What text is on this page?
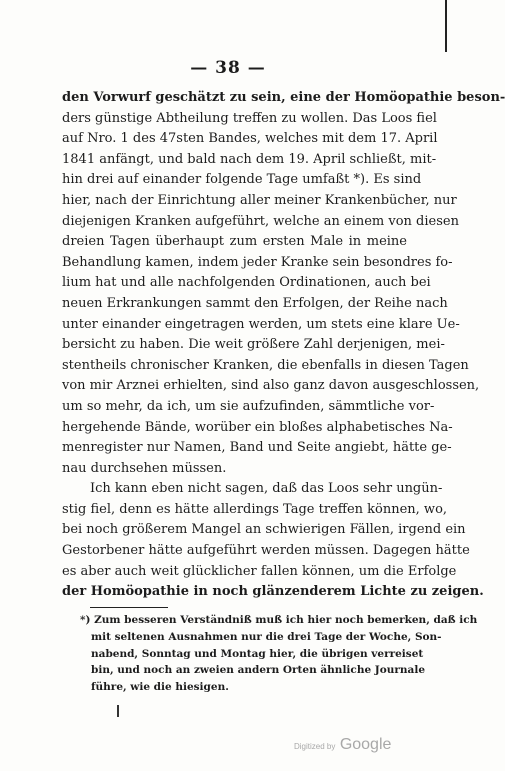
— 38 —
den Vorwurf geschätzt zu sein, eine der Homöopathie beson-
ders günstige Abtheilung treffen zu wollen. Das Loos fiel
auf Nro. 1 des 47sten Bandes, welches mit dem 17. April
1841 anfängt, und bald nach dem 19. April schließt, mit-
hin drei auf einander folgende Tage umfaßt *). Es sind
hier, nach der Einrichtung aller meiner Krankenbücher, nur
diejenigen Kranken aufgeführt, welche an einem von diesen
dreien Tagen überhaupt zum ersten Male in meine
Behandlung kamen, indem jeder Kranke sein besondres fo-
lium hat und alle nachfolgenden Ordinationen, auch bei
neuen Erkrankungen sammt den Erfolgen, der Reihe nach
unter einander eingetragen werden, um stets eine klare Ue-
bersicht zu haben. Die weit größere Zahl derjenigen, mei-
stentheils chronischer Kranken, die ebenfalls in diesen Tagen
von mir Arznei erhielten, sind also ganz davon ausgeschlossen,
um so mehr, da ich, um sie aufzufinden, sämmtliche vor-
hergehende Bände, worüber ein bloßes alphabetisches Na-
menregister nur Namen, Band und Seite angiebt, hätte ge-
nau durchsehen müssen.
Ich kann eben nicht sagen, daß das Loos sehr ungün-
stig fiel, denn es hätte allerdings Tage treffen können, wo,
bei noch größerem Mangel an schwierigen Fällen, irgend ein
Gestorbener hätte aufgeführt werden müssen. Dagegen hätte
es aber auch weit glücklicher fallen können, um die Erfolge
der Homöopathie in noch glänzenderem Lichte zu zeigen.
*) Zum besseren Verständniß muß ich hier noch bemerken, daß ich
mit seltenen Ausnahmen nur die drei Tage der Woche, Son-
nabend, Sonntag und Montag hier, die übrigen verreiset
bin, und noch an zweien andern Orten ähnliche Journale
führe, wie die hiesigen.
Digitized by Google
